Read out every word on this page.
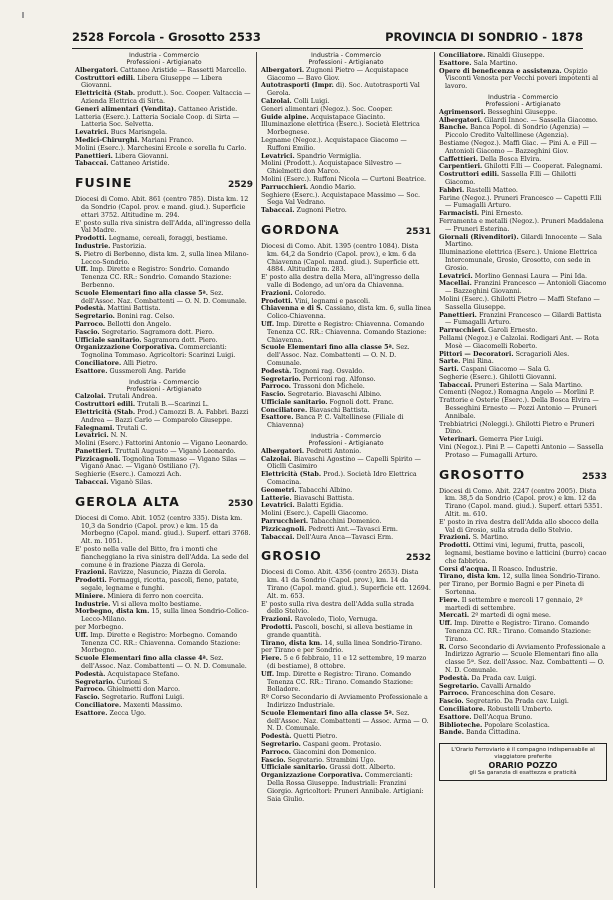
2528 Forcola - Grosotto 2533	PROVINCIA DI SONDRIO - 1878
Industria - Commercio
Professioni - Artigianato

Albergatori. Cattaneo Aristide — Rassetti Marcello.

Costruttori edili. Libera Giuseppe — Libera Giovanni.

Elettricità (Stab. produtt.). Soc. Cooper. Valtaccia — Azienda Elettrica di Sirta.

Generi alimentari (Vendita). Cattaneo Aristide.

Latteria (Eserc.). Latteria Sociale Coop. di Sirta — Latteria Soc. Selvetta.

Levatrici. Bucs Marisngela.

Medici-Chirurghi. Mariani Franco.

Molini (Eserc.). Marchesini Ercole e sorella fu Carlo.

Panettieri. Libera Giovanni.

Tabaccai. Cattaneo Aristide.

FUSINE	2529

Diocesi di Como. Abit. 861 (centro 785). Dista km. 12 da Sondrio (Capol. prov. e mand. giud.). Superficie ettari 3752. Altitudine m. 294.

E' posto sulla riva sinistra dell'Adda, all'ingresso della Val Madre.

Prodotti. Legname, cereali, foraggi, bestiame.

Industrie. Pastorizia.

S. Pietro di Berbenno, dista km. 2, sulla linea Milano-Lecco-Sondrio.

Uff. Imp. Dirette e Registro: Sondrio. Comando Tenenza CC. RR.: Sondrio. Comando Stazione: Berbenno.

Scuole Elementari fino alla classe 5ª. Sez. dell'Assoc. Naz. Combattenti — O. N. D. Comunale.

Podestà. Mattini Battista.

Segretario. Bonini rag. Celso.

Parroco. Bellotti don Angelo.

Fascio. Segretario. Sagramora dott. Piero.

Ufficiale sanitario. Sagramora dott. Piero.

Organizzazione Corporativa. Commercianti: Tognolina Tommaso. Agricoltori: Scarinzi Luigi.

Conciliatore. Alli Pietro.

Esattore. Gussmeroli Ang. Paride

Industria - Commercio
Professioni - Artigianato

Calzolai. Trutali Andrea.

Costruttori edili. Trutali B.—Scarinzi L.

Elettricità (Stab. Prod.) Camozzi B. A. Fabbri. Bazzi Andrea — Bazzi Carlo — Comparolo Giuseppe.

Falegnami. Trutali C.

Levatrici. N. N.

Molini (Eserc.) Fattorini Antonio — Vigano Leonardo.

Panettieri. Truttali Augusto — Viganò Leonardo.

Pizzicagnoli. Tognolina Tommaso — Vigano Silas — Viganò Anac. — Viganò Ostiliano (?).

Seghierie (Eserc.). Camozzi Ach.

Tabaccai. Viganò Silas.

GEROLA ALTA	2530

Diocesi di Como. Abit. 1052 (centro 335). Dista km. 10,3 da Sondrio (Capol. prov.) e km. 15 da Morbegno (Capol. mand. giud.). Superf. ettari 3768. Alt. m. 1051.

E' posto nella valle del Bitto, fra i monti che fiancheggiano la riva sinistra dell'Adda. La sede del comune è in frazione Piazza di Gerola.

Frazioni. Ravizze, Nasuncio, Piazza di Gerola.

Prodotti. Formaggi, ricotta, pascoli, fieno, patate, segale, legname e funghi.

Miniere. Miniera di ferro non coercita.

Industrie. Vi si alleva molto bestiame.

Morbegno, dista km. 15, sulla linea Sondrio-Colico-Lecco-Milano.

per Morbegno.

Uff. Imp. Dirette e Registro: Morbegno. Comando Tenenza CC. RR.: Chiavenna. Comando Stazione: Morbegno.

Scuole Elementari fino alla classe 4ª. Sez. dell'Assoc. Naz. Combattenti — O. N. D. Comunale.

Podestà. Acquistapace Stefano.

Segretario. Curioni S.

Parroco. Ghielmetti don Marco.

Fascio. Segretario. Ruffoni Luigi.

Conciliatore. Maxenti Massimo.

Esattore. Zecca Ugo.

Industria - Commercio
Professioni - Artigianato

Albergatori. Zugnoni Pietro — Acquistapace Giacomo — Bavo Giov.

Autotrasporti (Impr. di). Soc. Autotrasporti Val Gerola.

Calzolai. Colli Luigi.

Generi alimentari (Negoz.). Soc. Cooper.

Guide alpine. Acquistapace Giacinto.

Illuminazione elettrica (Eserc.). Società Elettrica Morbegnese.

Legname (Negoz.). Acquistapace Giacomo — Ruffoni Emilio.

Levatrici. Spandrio Vermiglia.

Molini (Prodott.). Acquistapace Silvestro — Ghielmetti don Marco.

Molini (Eserc.). Ruffoni Nicola — Curtoni Beatrice.

Parrucchieri. Aondio Mario.

Seghiere (Eserc.). Acquistapace Massimo — Soc. Sega Val Vedrano.

Tabaccai. Zugnoni Pietro.

GORDONA	2531

Diocesi di Como. Abit. 1395 (centro 1084). Dista km. 64,2 da Sondrio (Capol. prov.), e km. 6 da Chiavenna (Capol. mand. giud.). Superficie ett. 4884. Altitudine m. 283.

E' posto alla destra della Mera, all'ingresso della valle di Bodengo, ad un'ora da Chiavenna.

Frazioni. Coloredo.

Prodotti. Vini, legnami e pascoli.

Chiavenna e di S. Cassiano, dista km. 6, sulla linea Colico-Chiavenna.

Uff. Imp. Dirette e Registro: Chiavenna. Comando Tenenza CC. RR.: Chiavenna. Comando Stazione: Chiavenna.

Scuole Elementari fino alla classe 5ª. Sez. dell'Assoc. Naz. Combattenti — O. N. D. Comunale.

Podestà. Tognoni rag. Osvaldo.

Segretario. Perriconi rag. Alfonso.

Parroco. Trassoni don Michele.

Fascio. Segretario. Biavaschi Albino.

Ufficiale sanitario. Fognoli dott. Franc.

Conciliatore. Biavaschi Battista.

Esattore. Banca P. C. Valtellinese (Filiale di Chiavenna)

Industria - Commercio
Professioni - Artigianato

Albergatori. Pedretti Antonio.

Calzolai. Biavaschi Agostino — Capelli Spirito — Oliclli Casimiro

Elettricità (Stab. Prod.). Società Idro Elettrica Comacina.

Geometri. Tabacchi Albino.

Latterie. Biavaschi Battista.

Levatrici. Balatti Egidia.

Molini (Eserc.). Capelli Giacomo.

Parrucchieri. Tabacchini Domenico.

Pizzicagnoli. Pedretti Ant.—Tavasci Erm.

Tabaccai. Dell'Aura Anca—Tavasci Erm.

GROSIO	2532

Diocesi di Como. Abit. 4356 (centro 2653). Dista km. 41 da Sondrio (Capol. prov.), km. 14 da Tirano (Capol. mand. giud.). Superficie ett. 12694. Alt. m. 653.

E' posto sulla riva destra dell'Adda sulla strada dello Stelvio.

Frazioni. Ravoledo, Tiolo, Vernuga.

Prodotti. Pascoli, boschi, si alleva bestiame in grande quantità.

Tirano, dista km. 14, sulla linea Sondrio-Tirano.

per Tirano e per Sondrio.

Fiere. 5 e 6 febbraio, 11 e 12 settembre, 19 marzo (di bestiame), 8 ottobre.

Uff. Imp. Dirette e Registro: Tirano. Comando Tenenza CC. RR.: Tirano. Comando Stazione: Bolladore.

Rº Corso Secondario di Avviamento Professionale a Indirizzo Industriale.

Scuole Elementari fino alla classe 5ª. Sez. dell'Assoc. Naz. Combattenti — Assoc. Arma — O. N. D. Comunale.

Podestà. Quetti Pietro.

Segretario. Caspani geom. Protasio.

Parroco. Giacomini don Domenico.

Fascio. Segretario. Strambini Ugo.

Ufficiale sanitario. Grassi dott. Alberto.

Organizzazione Corporativa. Commercianti: Della Rossa Giuseppe. Industriali: Franzini Giorgio. Agricoltori: Pruneri Annibale. Artigiani: Saia Giulio.

Conciliatore. Rinaldi Giuseppe.

Esattore. Sala Martino.

Opere di beneficenza e assistenza. Ospizio Visconti Venosta per Vecchi poveri impotenti al lavoro.

Industria - Commercio
Professioni - Artigianato

Agrimensori. Besseghini Giuseppe.

Albergatori. Gilardi Innoc. — Sassella Giacomo.

Banche. Banca Popol. di Sondrio (Agenzia) — Piccolo Credito Valtellinese (Agenzia).

Bestiame (Negoz.). Maffi Giac. — Pini A. e Fill — Antonioli Giacomo — Bazzeghini Giov.

Caffettieri. Della Bosca Elvira.

Carpentieri. Ghilotti F.lli — Cooperat. Falegnami.

Costruttori edili. Sassella F.lli — Ghilotti Giacomo.

Fabbri. Rastelli Matteo.

Farine (Negoz.). Pruneri Francesco — Capetti F.lli — Fumagalli Arturo.

Farmacisti. Pini Ernesto.

Ferramenta e metalli (Negoz.). Pruneri Maddalena — Pruneri Esterina.

Giornali (Rivenditori). Gilardi Innocente — Sala Martino.

Illuminazione elettrica (Eserc.). Unione Elettrica Intercomunale, Grosio, Grosotto, con sede in Grosio.

Levatrici. Morlino Gennasi Laura — Pini Ida.

Macellai. Franzini Francesco — Antonioli Giacomo — Bazzeghini Giovanni.

Molini (Eserc.). Ghilotti Pietro — Maffi Stefano — Sassella Giuseppe.

Panettieri. Franzini Francesco — Gilardi Battista — Fumagalli Arturo.

Parrucchieri. Garoli Ernesto.

Pellami (Negoz.) e Calzolai. Rodigari Ant. — Rota Mosè — Giacomelli Roberto.

Pittori — Decoratori. Scragarioli Ales.

Sarte. Pini Rina.

Sarti. Caspani Giacomo — Sala G.

Segherie (Eserc.). Ghilotti Giovanni.

Tabaccai. Pruneri Esterina — Sala Martino.

Cementi (Negoz.) Romagna Angelo — Morlini P.

Trattorie e Osterie (Eserc.). Della Bosca Elvira — Besseghini Ernesto — Pozzi Antonio — Pruneri Annibale.

Trebbiatrici (Noleggi.). Ghilotti Pietro e Pruneri Dino.

Veterinari. Gemerra Pier Luigi.

Vini (Negoz.). Pini P. — Capetti Antonio — Sassella Protaso — Fumagalli Arturo.

GROSOTTO	2533

Diocesi di Como. Abit. 2247 (centro 2005). Dista km. 38,5 da Sondrio (Capol. prov.) e km. 12 da Tirano (Capol. mand. giud.). Superf. ettari 5351. Altit. m. 610.

E' posto in riva destra dell'Adda allo sbocco della Val di Grosio, sulla strada dello Stelvio.

Frazioni. S. Martino.

Prodotti. Ottimi vini, legumi, frutta, pascoli, legnami, bestiame bovino e latticini (burro) cacao che fabbrica.

Corsi d'acqua. Il Roasco. Industrie.

Tirano, dista km. 12, sulla linea Sondrio-Tirano.

per Tirano, per Bormio Bagni e per Pineta di Sortenna.

Fiere. Il settembre e mercoli 17 gennaio, 2º martedì di settembre.

Mercati. 2º martedì di ogni mese.

Uff. Imp. Dirette e Registro: Tirano. Comando Tenenza CC. RR.: Tirano. Comando Stazione: Tirano.

R. Corso Secondario di Avviamento Professionale a Indirizzo Agrario — Scuole Elementari fino alla classe 5ª. Sez. dell'Assoc. Naz. Combattenti — O. N. D. Comunale.

Podestà. Da Prada cav. Luigi.

Segretario. Cavalli Arnaldo

Parroco. Franceschina don Cesare.

Fascio. Segretario. Da Prada cav. Luigi.

Conciliatore. Robustelli Umberto.

Esattore. Dell'Acqua Bruno.

Biblioteche. Popolare Scolastica.

Bande. Banda Cittadina.

L'Orario Ferroviario è il compagno indispensabile al viaggiatore preferite
ORARIO POZZO
gli Sa garanzia di esattezza e praticità
